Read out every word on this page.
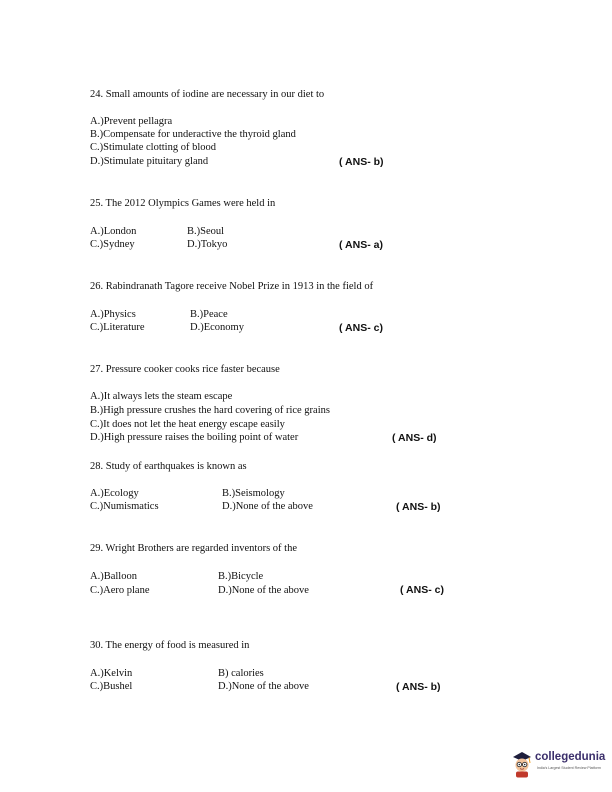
24. Small amounts of iodine are necessary in our diet to
A.)Prevent pellagra
B.)Compensate for underactive the thyroid gland
C.)Stimulate clotting of blood
D.)Stimulate pituitary gland	( ANS- b)
25. The 2012 Olympics Games were held in
A.)London	B.)Seoul
C.)Sydney	D.)Tokyo	( ANS- a)
26. Rabindranath Tagore receive Nobel Prize in 1913 in the field of
A.)Physics	B.)Peace
C.)Literature	D.)Economy	( ANS- c)
27. Pressure cooker cooks rice faster because
A.)It always lets the steam escape
B.)High pressure crushes the hard covering of rice grains
C.)It does not let the heat energy escape easily
D.)High pressure raises the boiling point of water	( ANS- d)
28. Study of earthquakes is known as
A.)Ecology	B.)Seismology
C.)Numismatics	D.)None of the above	( ANS- b)
29. Wright Brothers are regarded inventors of the
A.)Balloon	B.)Bicycle
C.)Aero plane	D.)None of the above	( ANS- c)
30. The energy of food is measured in
A.)Kelvin	B) calories
C.)Bushel	D.)None of the above	( ANS- b)
collegedunia
India's Largest Student Review Platform
